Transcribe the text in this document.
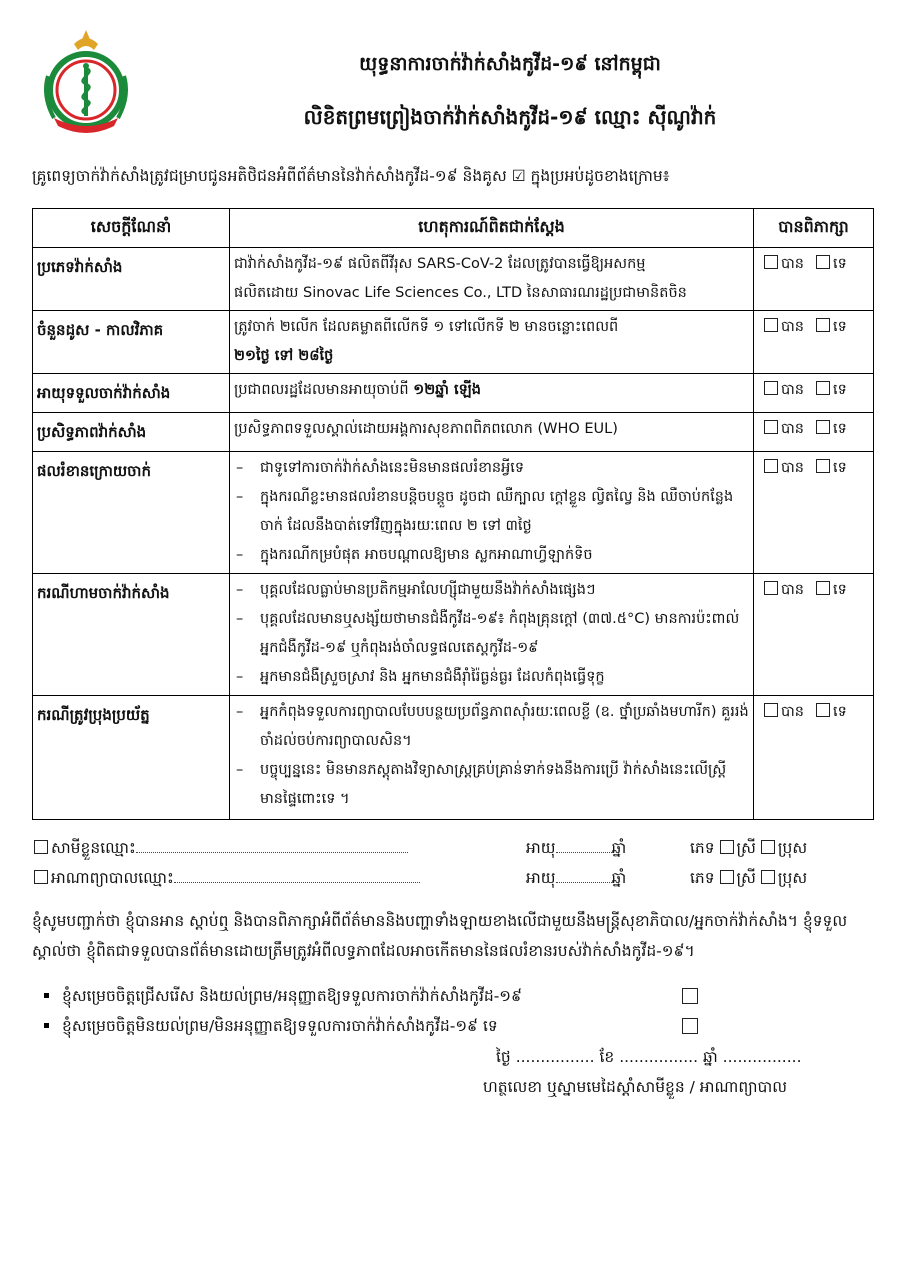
យុទ្ធនាការចាក់វ៉ាក់សាំងកូវីដ-១៩ នៅកម្ពុជា
លិខិតព្រមព្រៀងចាក់វ៉ាក់សាំងកូវីដ-១៩ ឈ្មោះ ស៊ីណូវ៉ាក់
គ្រូពេទ្យចាក់វ៉ាក់សាំងត្រូវជម្រាបជូនអតិថិជនអំពីព័ត៌មាននៃវ៉ាក់សាំងកូវីដ-១៩ និងគូស ☑ ក្នុងប្រអប់ដូចខាងក្រោម៖
សេចក្តីណែនាំ	ហេតុការណ៍ពិតជាក់ស្តែង	បានពិភាក្សា
ប្រភេទវ៉ាក់សាំង	ជាវ៉ាក់សាំងកូវីដ-១៩ ផលិតពីវីរុស SARS-CoV-2 ដែលត្រូវបានធ្វើឱ្យអសកម្ម
ផលិតដោយ Sinovac Life Sciences Co., LTD នៃសាធារណរដ្ឋប្រជាមានិតចិន	បាន ទេ
ចំនួនដូស - កាលវិភាគ	ត្រូវចាក់ ២លើក ដែលគម្លាតពីលើកទី ១ ទៅលើកទី ២ មានចន្លោះពេលពី
២១ថ្ងៃ ទៅ ២៨ថ្ងៃ	បាន ទេ
អាយុទទួលចាក់វ៉ាក់សាំង	ប្រជាពលរដ្ឋដែលមានអាយុចាប់ពី ១២ឆ្នាំ ឡើង	បាន ទេ
ប្រសិទ្ធភាពវ៉ាក់សាំង	ប្រសិទ្ធភាពទទួលស្គាល់ដោយអង្គការសុខភាពពិភពលោក (WHO EUL)	បាន ទេ
ផលរំខានក្រោយចាក់	– ជាទូទៅការចាក់វ៉ាក់សាំងនេះមិនមានផលរំខានអ្វីទេ
– ក្នុងករណីខ្លះមានផលរំខានបន្តិចបន្តួច ដូចជា ឈឺក្បាល ក្តៅខ្លួន ល្វិតល្វៃ និង ឈឺចាប់កន្លែងចាក់ ដែលនឹងបាត់ទៅវិញក្នុងរយៈពេល ២ ទៅ ៣ថ្ងៃ
– ក្នុងករណីកម្របំផុត អាចបណ្តាលឱ្យមាន ស្លកអាណាហ្វីឡាក់ទិច	បាន ទេ
ករណីហាមចាក់វ៉ាក់សាំង	– បុគ្គលដែលធ្លាប់មានប្រតិកម្មអាលែហ្ស៊ីជាមួយនឹងវ៉ាក់សាំងផ្សេងៗ
– បុគ្គលដែលមានឬសង្ស័យថាមានជំងឺកូវីដ-១៩៖ កំពុងគ្រុនក្តៅ (៣៧.៥°C) មានការប៉ះពាល់អ្នកជំងឺកូវីដ-១៩ ឬកំពុងរង់ចាំលទ្ធផលតេស្តកូវីដ-១៩
– អ្នកមានជំងឺស្រួចស្រាវ និង អ្នកមានជំងឺរ៉ាំរ៉ៃធ្ងន់ធ្ងរ ដែលកំពុងធ្វើទុក្ខ	បាន ទេ
ករណីត្រូវប្រុងប្រយ័ត្ន	– អ្នកកំពុងទទួលការព្យាបាលបែបបន្ថយប្រព័ន្ធភាពស៊ាំរយៈពេលខ្លី (ឧ. ថ្នាំប្រឆាំងមហារីក) គួររង់ចាំដល់ចប់ការព្យាបាលសិន។
– បច្ចុប្បន្ននេះ មិនមានភស្តុតាងវិទ្យាសាស្ត្រគ្រប់គ្រាន់ទាក់ទងនឹងការប្រើ វ៉ាក់សាំងនេះលើស្ត្រីមានផ្ទៃពោះទេ ។	បាន ទេ
សាមីខ្លួនឈ្មោះ	អាយុ	ឆ្នាំ	ភេទ ស្រី ប្រុស
អាណាព្យាបាលឈ្មោះ	អាយុ	ឆ្នាំ	ភេទ ស្រី ប្រុស
ខ្ញុំសូមបញ្ជាក់ថា ខ្ញុំបានអាន ស្តាប់ឮ និងបានពិភាក្សាអំពីព័ត៌មាននិងបញ្ហាទាំងឡាយខាងលើជាមួយនឹងមន្ត្រីសុខាភិបាល/អ្នកចាក់វ៉ាក់សាំង។ ខ្ញុំទទួលស្គាល់ថា ខ្ញុំពិតជាទទួលបានព័ត៌មានដោយត្រឹមត្រូវអំពីលទ្ធភាពដែលអាចកើតមាននៃផលរំខានរបស់វ៉ាក់សាំងកូវីដ-១៩។
ខ្ញុំសម្រេចចិត្តជ្រើសរើស និងយល់ព្រម/អនុញ្ញាតឱ្យទទួលការចាក់វ៉ាក់សាំងកូវីដ-១៩
ខ្ញុំសម្រេចចិត្តមិនយល់ព្រម/មិនអនុញ្ញាតឱ្យទទួលការចាក់វ៉ាក់សាំងកូវីដ-១៩ ទេ
ថ្ងៃ ................ ខែ ................ ឆ្នាំ ................
ហត្ថលេខា ឬស្នាមមេដៃស្តាំសាមីខ្លួន / អាណាព្យាបាល
